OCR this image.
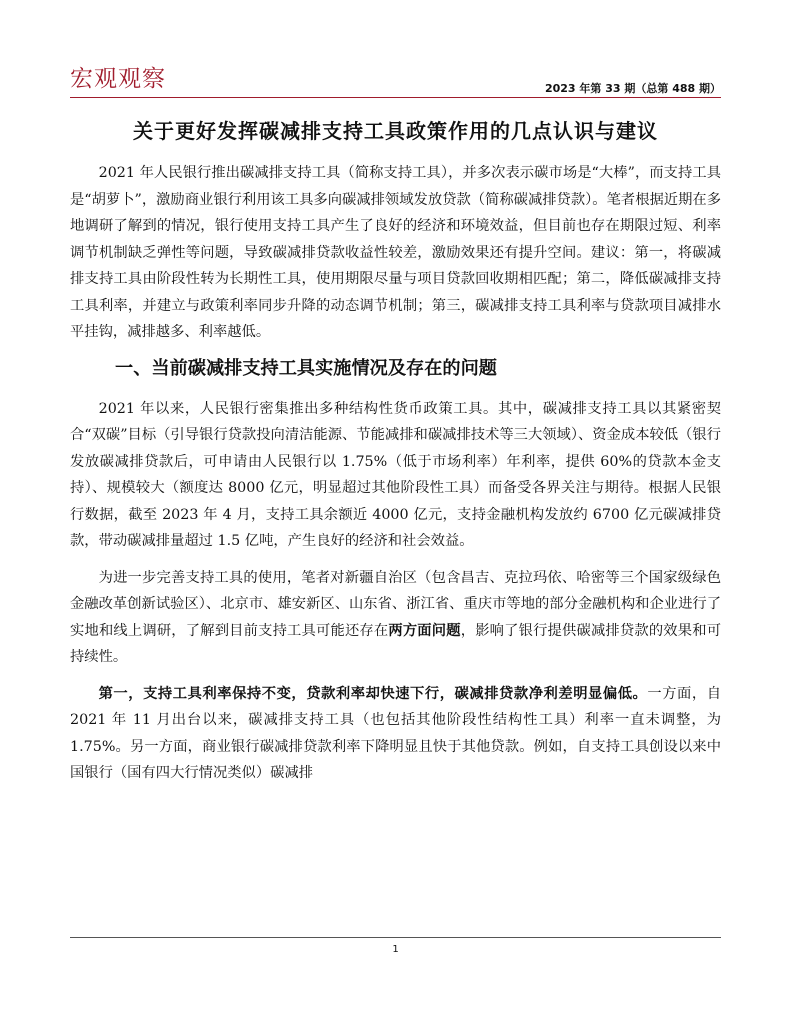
宏观观察	2023 年第 33 期（总第 488 期）
关于更好发挥碳减排支持工具政策作用的几点认识与建议

2021 年人民银行推出碳减排支持工具（简称支持工具），并多次表示碳市场是“大棒”，而支持工具是“胡萝卜”，激励商业银行利用该工具多向碳减排领域发放贷款（简称碳减排贷款）。笔者根据近期在多地调研了解到的情况，银行使用支持工具产生了良好的经济和环境效益，但目前也存在期限过短、利率调节机制缺乏弹性等问题，导致碳减排贷款收益性较差，激励效果还有提升空间。建议：第一，将碳减排支持工具由阶段性转为长期性工具，使用期限尽量与项目贷款回收期相匹配；第二，降低碳减排支持工具利率，并建立与政策利率同步升降的动态调节机制；第三，碳减排支持工具利率与贷款项目减排水平挂钩，减排越多、利率越低。

一、当前碳减排支持工具实施情况及存在的问题

2021 年以来，人民银行密集推出多种结构性货币政策工具。其中，碳减排支持工具以其紧密契合“双碳”目标（引导银行贷款投向清洁能源、节能减排和碳减排技术等三大领域）、资金成本较低（银行发放碳减排贷款后，可申请由人民银行以 1.75%（低于市场利率）年利率，提供 60%的贷款本金支持）、规模较大（额度达 8000 亿元，明显超过其他阶段性工具）而备受各界关注与期待。根据人民银行数据，截至 2023 年 4 月，支持工具余额近 4000 亿元，支持金融机构发放约 6700 亿元碳减排贷款，带动碳减排量超过 1.5 亿吨，产生良好的经济和社会效益。

为进一步完善支持工具的使用，笔者对新疆自治区（包含昌吉、克拉玛依、哈密等三个国家级绿色金融改革创新试验区）、北京市、雄安新区、山东省、浙江省、重庆市等地的部分金融机构和企业进行了实地和线上调研，了解到目前支持工具可能还存在两方面问题，影响了银行提供碳减排贷款的效果和可持续性。

第一，支持工具利率保持不变，贷款利率却快速下行，碳减排贷款净利差明显偏低。一方面，自 2021 年 11 月出台以来，碳减排支持工具（也包括其他阶段性结构性工具）利率一直未调整，为 1.75%。另一方面，商业银行碳减排贷款利率下降明显且快于其他贷款。例如，自支持工具创设以来中国银行（国有四大行情况类似）碳减排

1
